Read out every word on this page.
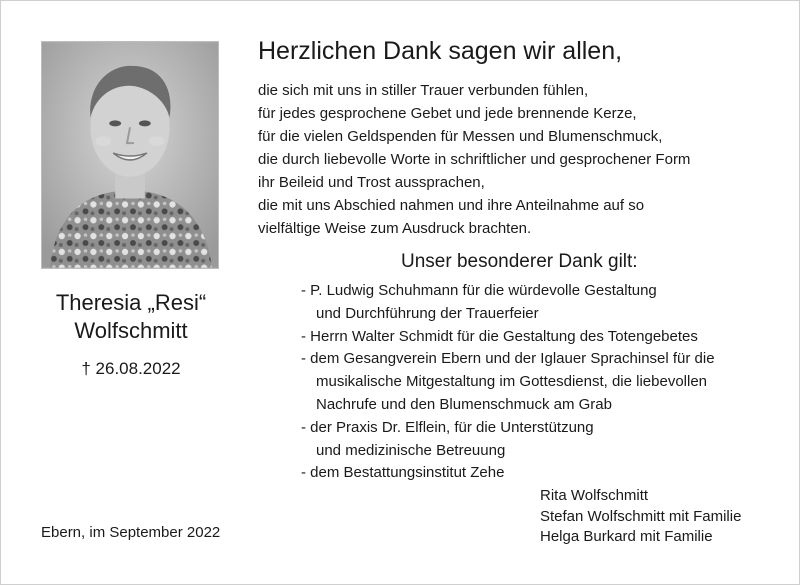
Theresia „Resi“
Wolfschmitt
† 26.08.2022
Ebern, im September 2022
Herzlichen Dank sagen wir allen,
die sich mit uns in stiller Trauer verbunden fühlen,
für jedes gesprochene Gebet und jede brennende Kerze,
für die vielen Geldspenden für Messen und Blumenschmuck,
die durch liebevolle Worte in schriftlicher und gesprochener Form
ihr Beileid und Trost aussprachen,
die mit uns Abschied nahmen und ihre Anteilnahme auf so
vielfältige Weise zum Ausdruck brachten.
Unser besonderer Dank gilt:
- P. Ludwig Schuhmann für die würdevolle Gestaltung
und Durchführung der Trauerfeier
- Herrn Walter Schmidt für die Gestaltung des Totengebetes
- dem Gesangverein Ebern und der Iglauer Sprachinsel für die
musikalische Mitgestaltung im Gottesdienst, die liebevollen
Nachrufe und den Blumenschmuck am Grab
- der Praxis Dr. Elflein, für die Unterstützung
und medizinische Betreuung
- dem Bestattungsinstitut Zehe
Rita Wolfschmitt
Stefan Wolfschmitt mit Familie
Helga Burkard mit Familie
